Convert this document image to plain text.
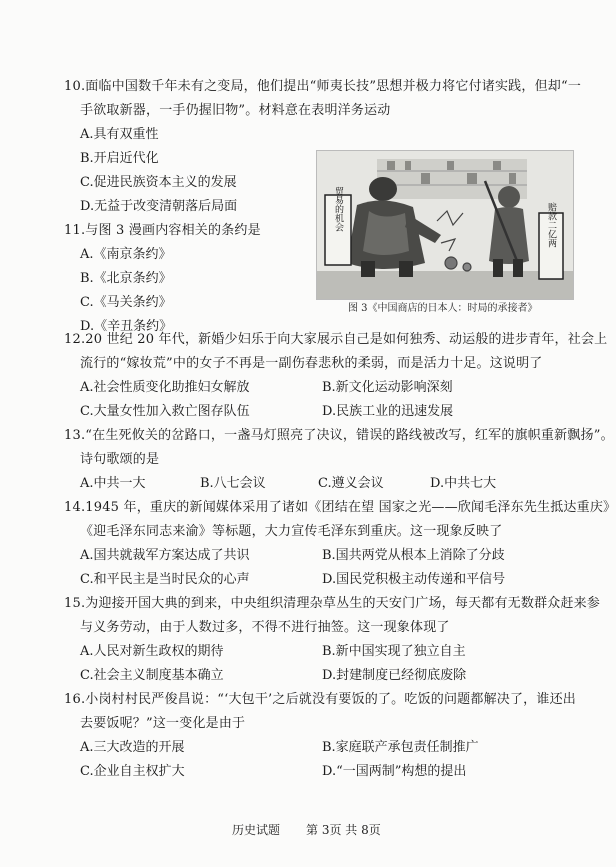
10.面临中国数千年未有之变局，他们提出“师夷长技”思想并极力将它付诸实践，但却“一
手欲取新器，一手仍握旧物”。材料意在表明洋务运动
A.具有双重性
B.开启近代化
C.促进民族资本主义的发展
D.无益于改变清朝落后局面
11.与图 3 漫画内容相关的条约是
A.《南京条约》
B.《北京条约》
C.《马关条约》
D.《辛丑条约》
贸易的机会	赔款二亿两
图 3《中国商店的日本人：时局的承接者》
12.20 世纪 20 年代，新婚少妇乐于向大家展示自己是如何独秀、动运般的进步青年，社会上
流行的“嫁妆荒”中的女子不再是一副伤春悲秋的柔弱，而是活力十足。这说明了
A.社会性质变化助推妇女解放	B.新文化运动影响深刻
C.大量女性加入救亡图存队伍	D.民族工业的迅速发展
13.“在生死攸关的岔路口，一盏马灯照亮了决议，错误的路线被改写，红军的旗帜重新飘扬”。
诗句歌颂的是
A.中共一大	B.八七会议	C.遵义会议	D.中共七大
14.1945 年，重庆的新闻媒体采用了诸如《团结在望 国家之光——欣闻毛泽东先生抵达重庆》
《迎毛泽东同志来渝》等标题，大力宣传毛泽东到重庆。这一现象反映了
A.国共就裁军方案达成了共识	B.国共两党从根本上消除了分歧
C.和平民主是当时民众的心声	D.国民党积极主动传递和平信号
15.为迎接开国大典的到来，中央组织清理杂草丛生的天安门广场，每天都有无数群众赶来参
与义务劳动，由于人数过多，不得不进行抽签。这一现象体现了
A.人民对新生政权的期待	B.新中国实现了独立自主
C.社会主义制度基本确立	D.封建制度已经彻底废除
16.小岗村村民严俊昌说：“‘大包干’之后就没有要饭的了。吃饭的问题都解决了，谁还出
去要饭呢？”这一变化是由于
A.三大改造的开展	B.家庭联产承包责任制推广
C.企业自主权扩大	D.“一国两制”构想的提出
历史试题 第 3页 共 8页
